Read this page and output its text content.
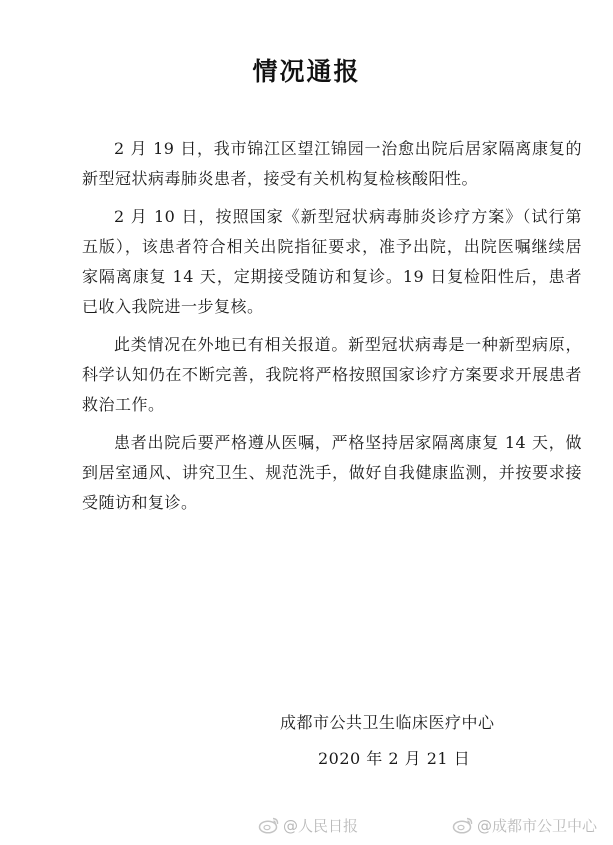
情况通报

2 月 19 日，我市锦江区望江锦园一治愈出院后居家隔离康复的新型冠状病毒肺炎患者，接受有关机构复检核酸阳性。

2 月 10 日，按照国家《新型冠状病毒肺炎诊疗方案》（试行第五版），该患者符合相关出院指征要求，准予出院，出院医嘱继续居家隔离康复 14 天，定期接受随访和复诊。19 日复检阳性后，患者已收入我院进一步复核。

此类情况在外地已有相关报道。新型冠状病毒是一种新型病原，科学认知仍在不断完善，我院将严格按照国家诊疗方案要求开展患者救治工作。

患者出院后要严格遵从医嘱，严格坚持居家隔离康复 14 天，做到居室通风、讲究卫生、规范洗手，做好自我健康监测，并按要求接受随访和复诊。

成都市公共卫生临床医疗中心
2020 年 2 月 21 日
@人民日报	@成都市公卫中心
